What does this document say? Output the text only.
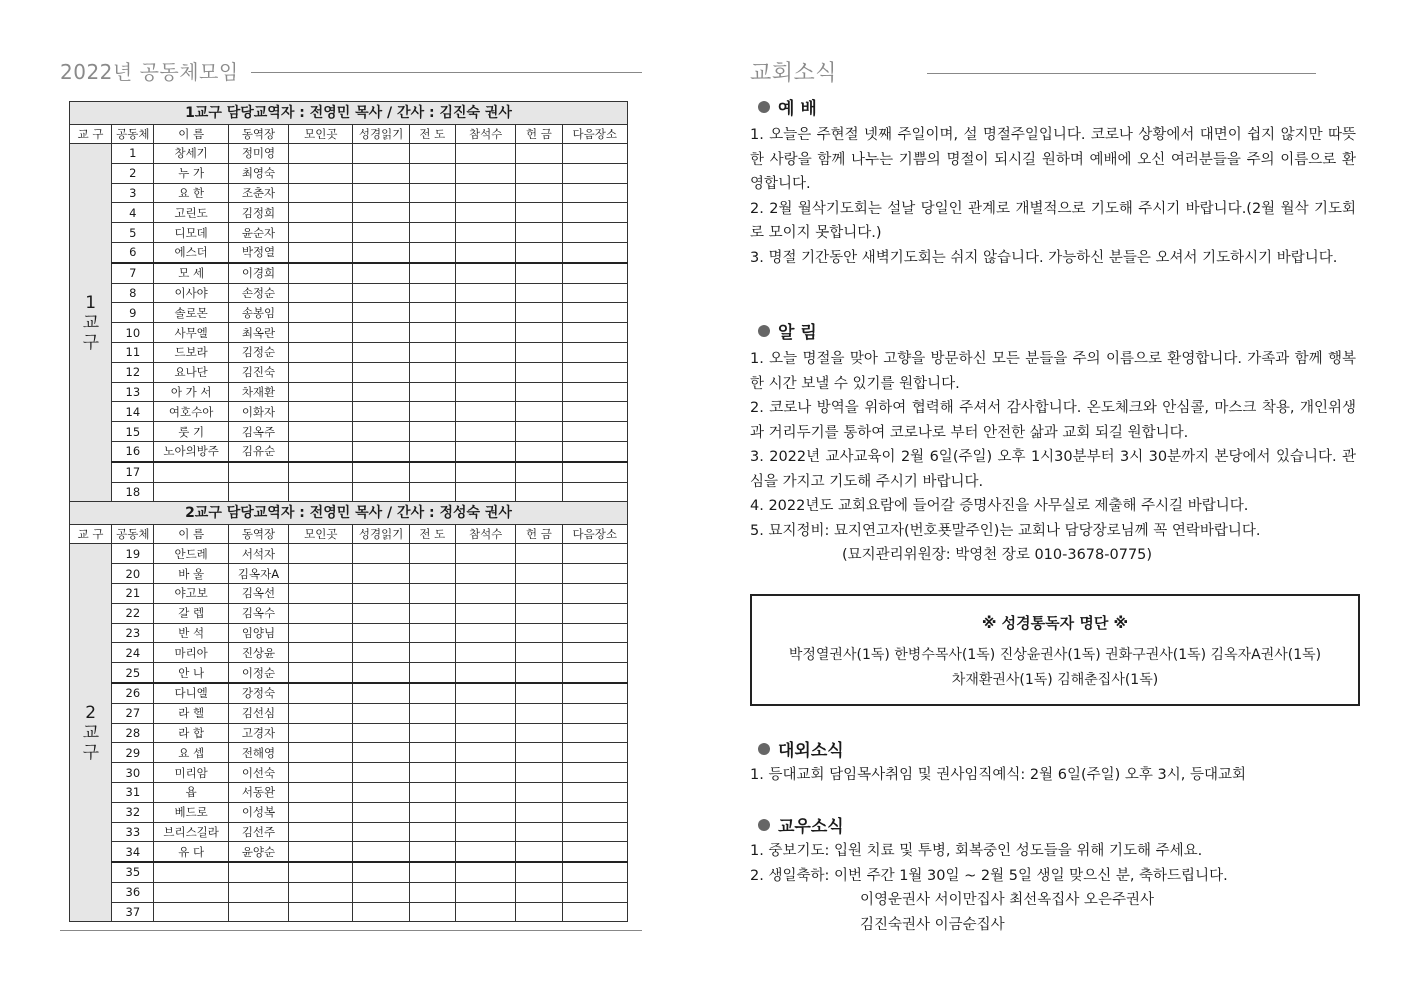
2022년 공동체모임
1교구 담당교역자 : 전영민 목사 / 간사 : 김진숙 권사									
교 구	공동체	이 름	동역장	모인곳	성경읽기	전 도	참석수	헌 금	다음장소
1 교 구	1	창세기	정미영						
	2	누 가	최영숙						
	3	요 한	조춘자						
	4	고린도	김정희						
	5	디모데	윤순자						
	6	에스더	박정열						
	7	모 세	이경희						
	8	이사야	손정순						
	9	솔로몬	송봉임						
	10	사무엘	최옥란						
	11	드보라	김정순						
	12	요나단	김진숙						
	13	아 가 서	차재환						
	14	여호수아	이화자						
	15	룻 기	김옥주						
	16	노아의방주	김유순						
	17								
	18								
2교구 담당교역자 : 전영민 목사 / 간사 : 정성숙 권사									
교 구	공동체	이 름	동역장	모인곳	성경읽기	전 도	참석수	헌 금	다음장소
2 교 구	19	안드레	서석자						
	20	바 울	김옥자A						
	21	야고보	김옥선						
	22	갈 렙	김옥수						
	23	반 석	임양님						
	24	마리아	진상윤						
	25	안 나	이정순						
	26	다니엘	강정숙						
	27	라 헬	김선심						
	28	라 합	고경자						
	29	요 셉	전해영						
	30	미리암	이선숙						
	31	욥	서동완						
	32	베드로	이성복						
	33	브리스길라	김선주						
	34	유 다	윤양순						
	35								
	36								
	37								
교회소식
예 배

1. 오늘은 주현절 넷째 주일이며, 설 명절주일입니다. 코로나 상황에서 대면이 쉽지 않지만 따뜻한 사랑을 함께 나누는 기쁨의 명절이 되시길 원하며 예배에 오신 여러분들을 주의 이름으로 환영합니다.

2. 2월 월삭기도회는 설날 당일인 관계로 개별적으로 기도해 주시기 바랍니다.(2월 월삭 기도회로 모이지 못합니다.)

3. 명절 기간동안 새벽기도회는 쉬지 않습니다. 가능하신 분들은 오셔서 기도하시기 바랍니다.

알 림

1. 오늘 명절을 맞아 고향을 방문하신 모든 분들을 주의 이름으로 환영합니다. 가족과 함께 행복한 시간 보낼 수 있기를 원합니다.

2. 코로나 방역을 위하여 협력해 주셔서 감사합니다. 온도체크와 안심콜, 마스크 착용, 개인위생과 거리두기를 통하여 코로나로 부터 안전한 삶과 교회 되길 원합니다.

3. 2022년 교사교육이 2월 6일(주일) 오후 1시30분부터 3시 30분까지 본당에서 있습니다. 관심을 가지고 기도해 주시기 바랍니다.

4. 2022년도 교회요람에 들어갈 증명사진을 사무실로 제출해 주시길 바랍니다.

5. 묘지정비: 묘지연고자(번호푯말주인)는 교회나 담당장로님께 꼭 연락바랍니다.

(묘지관리위원장: 박영천 장로 010-3678-0775)

※ 성경통독자 명단 ※
박정열권사(1독) 한병수목사(1독) 진상윤권사(1독) 권화구권사(1독) 김옥자A권사(1독)
차재환권사(1독) 김해춘집사(1독)
대외소식

1. 등대교회 담임목사취임 및 권사임직예식: 2월 6일(주일) 오후 3시, 등대교회

교우소식

1. 중보기도: 입원 치료 및 투병, 회복중인 성도들을 위해 기도해 주세요.

2. 생일축하: 이번 주간 1월 30일 ~ 2월 5일 생일 맞으신 분, 축하드립니다.

이영운권사 서이만집사 최선옥집사 오은주권사

김진숙권사 이금순집사
